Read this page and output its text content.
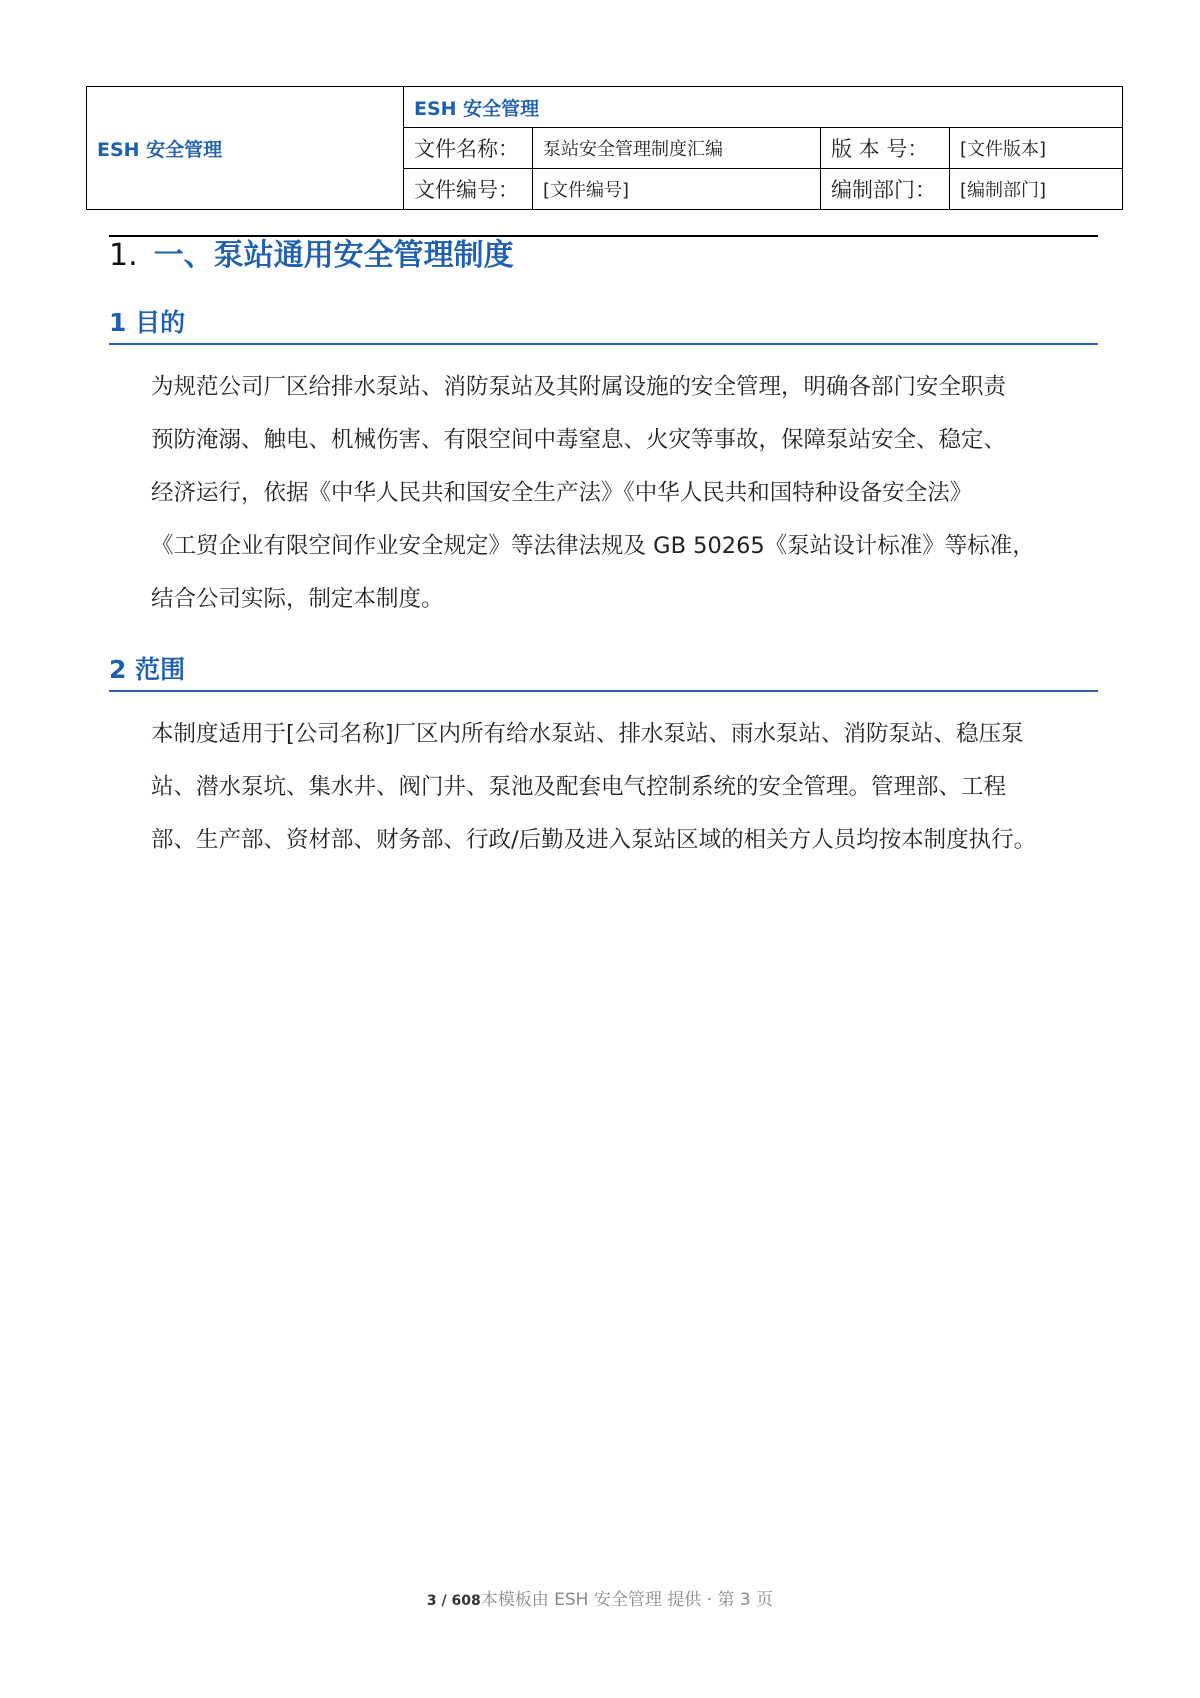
ESH 安全管理	ESH 安全管理			
	文件名称：	泵站安全管理制度汇编	版 本 号：	[文件版本]
	文件编号：	[文件编号]	编制部门：	[编制部门]
1. 一、泵站通用安全管理制度
1 目的
为规范公司厂区给排水泵站、消防泵站及其附属设施的安全管理，明确各部门安全职责
预防淹溺、触电、机械伤害、有限空间中毒窒息、火灾等事故，保障泵站安全、稳定、
经济运行，依据《中华人民共和国安全生产法》《中华人民共和国特种设备安全法》
《工贸企业有限空间作业安全规定》等法律法规及 GB 50265《泵站设计标准》等标准，
结合公司实际，制定本制度。
2 范围
本制度适用于[公司名称]厂区内所有给水泵站、排水泵站、雨水泵站、消防泵站、稳压泵
站、潜水泵坑、集水井、阀门井、泵池及配套电气控制系统的安全管理。管理部、工程
部、生产部、资材部、财务部、行政/后勤及进入泵站区域的相关方人员均按本制度执行。
3 / 608本模板由 ESH 安全管理 提供 · 第 3 页
